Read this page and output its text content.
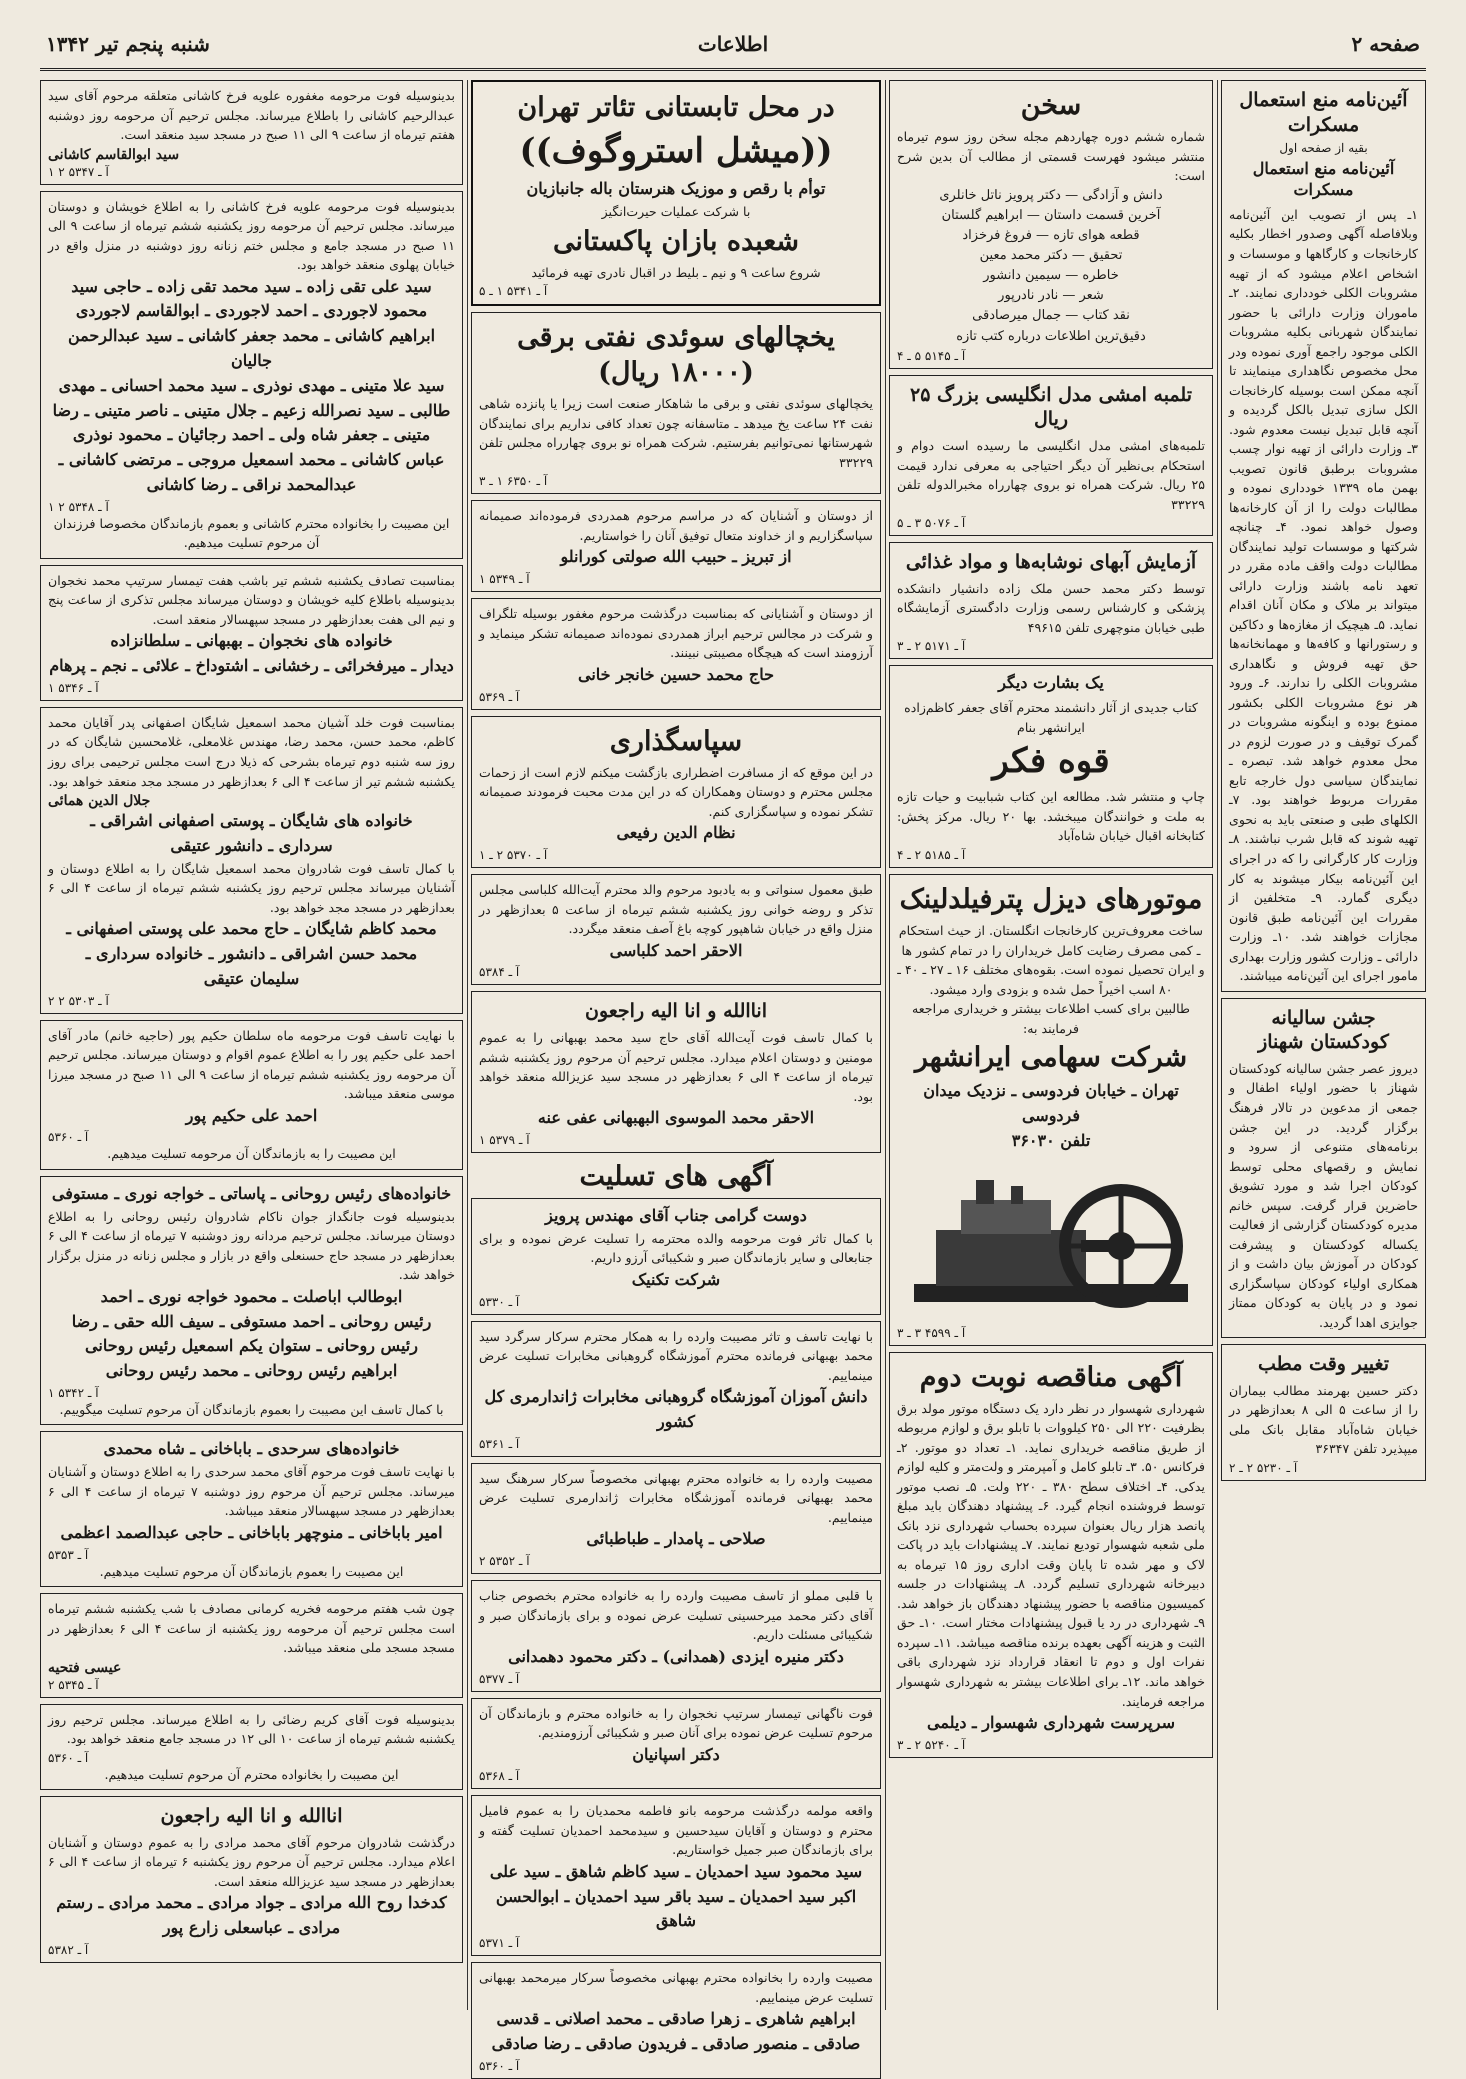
صفحه ۲
اطلاعات
شنبه پنجم تیر ۱۳۴۲
آئین‌نامه منع استعمال مسکرات
بقیه از صفحه اول
آئین‌نامه منع استعمال مسکرات
۱ـ پس از تصویب این آئین‌نامه وبلافاصله آگهی وصدور اخطار بکلیه کارخانجات و کارگاهها و موسسات و اشخاص اعلام میشود که از تهیه مشروبات الکلی خودداری نمایند. ۲ـ ماموران وزارت دارائی با حضور نمایندگان شهربانی بکلیه مشروبات الکلی موجود راجمع آوری نموده ودر محل مخصوص نگاهداری مینمایند تا آنچه ممکن است بوسیله کارخانجات الکل سازی تبدیل بالکل گردیده و آنچه قابل تبدیل نیست معدوم شود. ۳ـ وزارت دارائی از تهیه نوار چسب مشروبات برطبق قانون تصویب بهمن ماه ۱۳۳۹ خودداری نموده و مطالبات دولت را از آن کارخانه‌ها وصول خواهد نمود. ۴ـ چنانچه شرکتها و موسسات تولید نمایندگان مطالبات دولت واقف ماده مقرر در تعهد نامه باشند وزارت دارائی میتواند بر ملاک و مکان آنان اقدام نماید. ۵ـ هیچیک از مغازه‌ها و دکاکین و رستورانها و کافه‌ها و مهمانخانه‌ها حق تهیه فروش و نگاهداری مشروبات الکلی را ندارند. ۶ـ ورود هر نوع مشروبات الکلی بکشور ممنوع بوده و اینگونه مشروبات در گمرک توقیف و در صورت لزوم در محل معدوم خواهد شد. تبصره ـ نمایندگان سیاسی دول خارجه تابع مقررات مربوط خواهند بود. ۷ـ الکلهای طبی و صنعتی باید به نحوی تهیه شوند که قابل شرب نباشند. ۸ـ وزارت کار کارگرانی را که در اجرای این آئین‌نامه بیکار میشوند به کار دیگری گمارد. ۹ـ متخلفین از مقررات این آئین‌نامه طبق قانون مجازات خواهند شد. ۱۰ـ وزارت دارائی ـ وزارت کشور وزارت بهداری مامور اجرای این آئین‌نامه میباشند.
جشن سالیانه کودکستان شهناز
دیروز عصر جشن سالیانه کودکستان شهناز با حضور اولیاء اطفال و جمعی از مدعوین در تالار فرهنگ برگزار گردید. در این جشن برنامه‌های متنوعی از سرود و نمایش و رقصهای محلی توسط کودکان اجرا شد و مورد تشویق حاضرین قرار گرفت. سپس خانم مدیره کودکستان گزارشی از فعالیت یکساله کودکستان و پیشرفت کودکان در آموزش بیان داشت و از همکاری اولیاء کودکان سپاسگزاری نمود و در پایان به کودکان ممتاز جوایزی اهدا گردید.
تغییر وقت مطب
دکتر حسین بهرمند مطالب بیماران را از ساعت ۵ الی ۸ بعدازظهر در خیابان شاه‌آباد مقابل بانک ملی میپذیرد تلفن ۳۶۳۴۷
آ ـ ۵۲۳۰ ۲ ـ ۲
سخن
شماره ششم دوره چهاردهم مجله سخن روز سوم تیرماه منتشر میشود فهرست قسمتی از مطالب آن بدین شرح است:
دانش و آزادگی — دکتر پرویز ناتل خانلری
آخرین قسمت داستان — ابراهیم گلستان
قطعه هوای تازه — فروغ فرخزاد
تحقیق — دکتر محمد معین
خاطره — سیمین دانشور
شعر — نادر نادرپور
نقد کتاب — جمال میرصادقی
دقیق‌ترین اطلاعات درباره کتب تازه
آ ـ ۵۱۴۵ ۵ ـ ۴
تلمبه امشی مدل انگلیسی بزرگ ۲۵ ریال
تلمبه‌های امشی مدل انگلیسی ما رسیده است دوام و استحکام بی‌نظیر آن دیگر احتیاجی به معرفی ندارد قیمت ۲۵ ریال. شرکت همراه نو بروی چهارراه مخبرالدوله تلفن ۳۳۲۲۹
آ ـ ۵۰۷۶ ۳ ـ ۵
آزمایش آبهای نوشابه‌ها و مواد غذائی
توسط دکتر محمد حسن ملک زاده دانشیار دانشکده پزشکی و کارشناس رسمی وزارت دادگستری آزمایشگاه طبی خیابان منوچهری تلفن ۴۹۶۱۵
آ ـ ۵۱۷۱ ۲ ـ ۳
یک بشارت دیگر
کتاب جدیدی از آثار دانشمند محترم آقای جعفر کاظم‌زاده ایرانشهر بنام
قوه فکر
چاپ و منتشر شد. مطالعه این کتاب شبابیت و حیات تازه به ملت و خوانندگان میبخشد. بها ۲۰ ریال. مرکز پخش: کتابخانه اقبال خیابان شاه‌آباد
آ ـ ۵۱۸۵ ۲ ـ ۴
موتورهای دیزل پترفیلدلینک
ساخت معروف‌ترین کارخانجات انگلستان. از حیث استحکام ـ کمی مصرف رضایت کامل خریداران را در تمام کشور ها و ایران تحصیل نموده است. بقوه‌های مختلف ۱۶ ـ ۲۷ ـ ۴۰ ـ ۸۰ اسب اخیراً حمل شده و بزودی وارد میشود.
طالبین برای کسب اطلاعات بیشتر و خریداری مراجعه فرمایند به:
شرکت سهامی ایرانشهر
تهران ـ خیابان فردوسی ـ نزدیک میدان فردوسی
تلفن ۳۶۰۳۰
آ ـ ۴۵۹۹ ۳ ـ ۳
آگهی مناقصه نوبت دوم
شهرداری شهسوار در نظر دارد یک دستگاه موتور مولد برق بظرفیت ۲۲۰ الی ۲۵۰ کیلووات با تابلو برق و لوازم مربوطه از طریق مناقصه خریداری نماید. ۱ـ تعداد دو موتور. ۲ـ فرکانس ۵۰. ۳ـ تابلو کامل و آمپرمتر و ولت‌متر و کلیه لوازم یدکی. ۴ـ اختلاف سطح ۳۸۰ ـ ۲۲۰ ولت. ۵ـ نصب موتور توسط فروشنده انجام گیرد. ۶ـ پیشنهاد دهندگان باید مبلغ پانصد هزار ریال بعنوان سپرده بحساب شهرداری نزد بانک ملی شعبه شهسوار تودیع نمایند. ۷ـ پیشنهادات باید در پاکت لاک و مهر شده تا پایان وقت اداری روز ۱۵ تیرماه به دبیرخانه شهرداری تسلیم گردد. ۸ـ پیشنهادات در جلسه کمیسیون مناقصه با حضور پیشنهاد دهندگان باز خواهد شد. ۹ـ شهرداری در رد یا قبول پیشنهادات مختار است. ۱۰ـ حق الثبت و هزینه آگهی بعهده برنده مناقصه میباشد. ۱۱ـ سپرده نفرات اول و دوم تا انعقاد قرارداد نزد شهرداری باقی خواهد ماند. ۱۲ـ برای اطلاعات بیشتر به شهرداری شهسوار مراجعه فرمایند.
سرپرست شهرداری شهسوار ـ دیلمی
آ ـ ۵۲۴۰ ۲ ـ ۳
در محل تابستانی تئاتر تهران
((میشل استروگوف))
توأم با رقص و موزیک هنرستان باله جانبازیان
با شرکت عملیات حیرت‌انگیز
شعبده بازان پاکستانی
شروع ساعت ۹ و نیم ـ بلیط در اقبال نادری تهیه فرمائید
آ ـ ۵۳۴۱ ۱ ـ ۵
یخچالهای سوئدی نفتی برقی (۱۸۰۰۰ ریال)
یخچالهای سوئدی نفتی و برقی ما شاهکار صنعت است زیرا یا پانزده شاهی نفت ۲۴ ساعت یخ میدهد ـ متاسفانه چون تعداد کافی نداریم برای نمایندگان شهرستانها نمی‌توانیم بفرستیم. شرکت همراه نو بروی چهارراه مجلس تلفن ۳۳۲۲۹
آ ـ ۶۳۵۰ ۱ ـ ۳
از دوستان و آشنایان که در مراسم مرحوم همدردی فرموده‌اند صمیمانه سپاسگزاریم و از خداوند متعال توفیق آنان را خواستاریم.
از تبریز ـ حبیب الله صولتی کورانلو
آ ـ ۵۳۴۹ ۱
از دوستان و آشنایانی که بمناسبت درگذشت مرحوم مغفور بوسیله تلگراف و شرکت در مجالس ترحیم ابراز همدردی نموده‌اند صمیمانه تشکر مینماید و آرزومند است که هیچگاه مصیبتی نبینند.
حاج محمد حسین خانجر خانی
آ ـ ۵۳۶۹
سپاسگذاری
در این موقع که از مسافرت اضطراری بازگشت میکنم لازم است از زحمات مجلس محترم و دوستان وهمکاران که در این مدت محبت فرمودند صمیمانه تشکر نموده و سپاسگزاری کنم.
نظام الدین رفیعی
آ ـ ۵۳۷۰ ۲ ـ ۱
طبق معمول سنواتی و به یادبود مرحوم والد محترم آیت‌الله کلباسی مجلس تذکر و روضه خوانی روز یکشنبه ششم تیرماه از ساعت ۵ بعدازظهر در منزل واقع در خیابان شاهپور کوچه باغ آصف منعقد میگردد.
الاحقر احمد کلباسی
آ ـ ۵۳۸۴
اناالله و انا الیه راجعون
با کمال تاسف فوت آیت‌الله آقای حاج سید محمد بهبهانی را به عموم مومنین و دوستان اعلام میدارد. مجلس ترحیم آن مرحوم روز یکشنبه ششم تیرماه از ساعت ۴ الی ۶ بعدازظهر در مسجد سید عزیزالله منعقد خواهد بود.
الاحقر محمد الموسوی البهبهانی عفی عنه
آ ـ ۵۳۷۹ ۱
آگهی های تسلیت
دوست گرامی جناب آقای مهندس پرویز
با کمال تاثر فوت مرحومه والده محترمه را تسلیت عرض نموده و برای جنابعالی و سایر بازماندگان صبر و شکیبائی آرزو داریم.
شرکت تکنیک
آ ـ ۵۳۳۰
با نهایت تاسف و تاثر مصیبت وارده را به همکار محترم سرکار سرگرد سید محمد بهبهانی فرمانده محترم آموزشگاه گروهبانی مخابرات تسلیت عرض مینماییم.
دانش آموزان آموزشگاه گروهبانی مخابرات ژاندارمری کل کشور
آ ـ ۵۳۶۱
مصیبت وارده را به خانواده محترم بهبهانی مخصوصاً سرکار سرهنگ سید محمد بهبهانی فرمانده آموزشگاه مخابرات ژاندارمری تسلیت عرض مینماییم.
صلاحی ـ پامدار ـ طباطبائی
آ ـ ۵۳۵۲ ۲
با قلبی مملو از تاسف مصیبت وارده را به خانواده محترم بخصوص جناب آقای دکتر محمد میرحسینی تسلیت عرض نموده و برای بازماندگان صبر و شکیبائی مسئلت داریم.
دکتر منیره ایزدی (همدانی) ـ دکتر محمود دهمدانی
آ ـ ۵۳۷۷
فوت ناگهانی تیمسار سرتیپ نخجوان را به خانواده محترم و بازماندگان آن مرحوم تسلیت عرض نموده برای آنان صبر و شکیبائی آرزومندیم.
دکتر اسپانیان
آ ـ ۵۳۶۸
واقعه مولمه درگذشت مرحومه بانو فاطمه محمدیان را به عموم فامیل محترم و دوستان و آقایان سیدحسین و سیدمحمد احمدیان تسلیت گفته و برای بازماندگان صبر جمیل خواستاریم.
سید محمود سید احمدیان ـ سید کاظم شاهق ـ سید علی اکبر سید احمدیان ـ سید باقر سید احمدیان ـ ابوالحسن شاهق
آ ـ ۵۳۷۱
مصیبت وارده را بخانواده محترم بهبهانی مخصوصاً سرکار میرمحمد بهبهانی تسلیت عرض مینماییم.
ابراهیم شاهری ـ زهرا صادقی ـ محمد اصلانی ـ قدسی صادقی ـ منصور صادقی ـ فریدون صادقی ـ رضا صادقی
آ ـ ۵۳۶۰
بدینوسیله فوت مرحومه مغفوره علویه فرخ کاشانی متعلقه مرحوم آقای سید عبدالرحیم کاشانی را باطلاع میرساند. مجلس ترحیم آن مرحومه روز دوشنبه هفتم تیرماه از ساعت ۹ الی ۱۱ صبح در مسجد سید منعقد است.
سید ابوالقاسم کاشانی
آ ـ ۵۳۴۷ ۲ ۱
بدینوسیله فوت مرحومه علویه فرخ کاشانی را به اطلاع خویشان و دوستان میرساند. مجلس ترحیم آن مرحومه روز یکشنبه ششم تیرماه از ساعت ۹ الی ۱۱ صبح در مسجد جامع و مجلس ختم زنانه روز دوشنبه در منزل واقع در خیابان پهلوی منعقد خواهد بود.
سید علی تقی زاده ـ سید محمد تقی زاده ـ حاجی سید
محمود لاجوردی ـ احمد لاجوردی ـ ابوالقاسم لاجوردی
ابراهیم کاشانی ـ محمد جعفر کاشانی ـ سید عبدالرحمن جالیان
سید علا متینی ـ مهدی نوذری ـ سید محمد احسانی ـ مهدی
طالبی ـ سید نصرالله زعیم ـ جلال متینی ـ ناصر متینی ـ رضا
متینی ـ جعفر شاه ولی ـ احمد رجائیان ـ محمود نوذری
عباس کاشانی ـ محمد اسمعیل مروجی ـ مرتضی کاشانی ـ
عبدالمحمد نراقی ـ رضا کاشانی
آ ـ ۵۳۴۸ ۲ ۱
این مصیبت را بخانواده محترم کاشانی و بعموم بازماندگان مخصوصا فرزندان آن مرحوم تسلیت میدهیم.
بمناسبت تصادف یکشنبه ششم تیر باشب هفت تیمسار سرتیپ محمد نخجوان بدینوسیله باطلاع کلیه خویشان و دوستان میرساند مجلس تذکری از ساعت پنج و نیم الی هفت بعدازظهر در مسجد سپهسالار منعقد است.
خانواده های نخجوان ـ بهبهانی ـ سلطانزاده
دیدار ـ میرفخرائی ـ رخشانی ـ اشتوداخ ـ علائی ـ نجم ـ پرهام
آ ـ ۵۳۴۶ ۱
بمناسبت فوت خلد آشیان محمد اسمعیل شایگان اصفهانی پدر آقایان محمد کاظم، محمد حسن، محمد رضا، مهندس غلامعلی، غلامحسین شایگان که در روز سه شنبه دوم تیرماه بشرحی که ذیلا درج است مجلس ترحیمی برای روز یکشنبه ششم تیر از ساعت ۴ الی ۶ بعدازظهر در مسجد مجد منعقد خواهد بود.
جلال الدین همائی
خانواده های شایگان ـ پوستی اصفهانی اشراقی ـ
سرداری ـ دانشور عتیقی
با کمال تاسف فوت شادروان محمد اسمعیل شایگان را به اطلاع دوستان و آشنایان میرساند مجلس ترحیم روز یکشنبه ششم تیرماه از ساعت ۴ الی ۶ بعدازظهر در مسجد مجد خواهد بود.
محمد کاظم شایگان ـ حاج محمد علی پوستی اصفهانی ـ
محمد حسن اشراقی ـ دانشور ـ خانواده سرداری ـ
سلیمان عتیقی
آ ـ ۵۳۰۳ ۲ ۲
با نهایت تاسف فوت مرحومه ماه سلطان حکیم پور (حاجیه خانم) مادر آقای احمد علی حکیم پور را به اطلاع عموم اقوام و دوستان میرساند. مجلس ترحیم آن مرحومه روز یکشنبه ششم تیرماه از ساعت ۹ الی ۱۱ صبح در مسجد میرزا موسی منعقد میباشد.
احمد علی حکیم پور
آ ـ ۵۳۶۰
این مصیبت را به بازماندگان آن مرحومه تسلیت میدهیم.
خانواده‌های رئیس روحانی ـ پاساتی ـ خواجه نوری ـ مستوفی
بدینوسیله فوت جانگداز جوان ناکام شادروان رئیس روحانی را به اطلاع دوستان میرساند. مجلس ترحیم مردانه روز دوشنبه ۷ تیرماه از ساعت ۴ الی ۶ بعدازظهر در مسجد حاج حسنعلی واقع در بازار و مجلس زنانه در منزل برگزار خواهد شد.
ابوطالب اباصلت ـ محمود خواجه نوری ـ احمد
رئیس روحانی ـ احمد مستوفی ـ سیف الله حقی ـ رضا
رئیس روحانی ـ ستوان یکم اسمعیل رئیس روحانی
ابراهیم رئیس روحانی ـ محمد رئیس روحانی
آ ـ ۵۳۴۲ ۱
با کمال تاسف این مصیبت را بعموم بازماندگان آن مرحوم تسلیت میگوییم.
خانواده‌های سرحدی ـ باباخانی ـ شاه محمدی
با نهایت تاسف فوت مرحوم آقای محمد سرحدی را به اطلاع دوستان و آشنایان میرساند. مجلس ترحیم آن مرحوم روز دوشنبه ۷ تیرماه از ساعت ۴ الی ۶ بعدازظهر در مسجد سپهسالار منعقد میباشد.
امیر باباخانی ـ منوچهر باباخانی ـ حاجی عبدالصمد اعظمی
آ ـ ۵۳۵۳
این مصیبت را بعموم بازماندگان آن مرحوم تسلیت میدهیم.
چون شب هفتم مرحومه فخریه کرمانی مصادف با شب یکشنبه ششم تیرماه است مجلس ترحیم آن مرحومه روز یکشنبه از ساعت ۴ الی ۶ بعدازظهر در مسجد مسجد ملی منعقد میباشد.
عیسی فتحیه
آ ـ ۵۳۴۵ ۲
بدینوسیله فوت آقای کریم رضائی را به اطلاع میرساند. مجلس ترحیم روز یکشنبه ششم تیرماه از ساعت ۱۰ الی ۱۲ در مسجد جامع منعقد خواهد بود.
آ ـ ۵۳۶۰
این مصیبت را بخانواده محترم آن مرحوم تسلیت میدهیم.
اناالله و انا الیه راجعون
درگذشت شادروان مرحوم آقای محمد مرادی را به عموم دوستان و آشنایان اعلام میدارد. مجلس ترحیم آن مرحوم روز یکشنبه ۶ تیرماه از ساعت ۴ الی ۶ بعدازظهر در مسجد سید عزیزالله منعقد است.
کدخدا روح الله مرادی ـ جواد مرادی ـ محمد مرادی ـ رستم مرادی ـ عباسعلی زارع پور
آ ـ ۵۳۸۲
